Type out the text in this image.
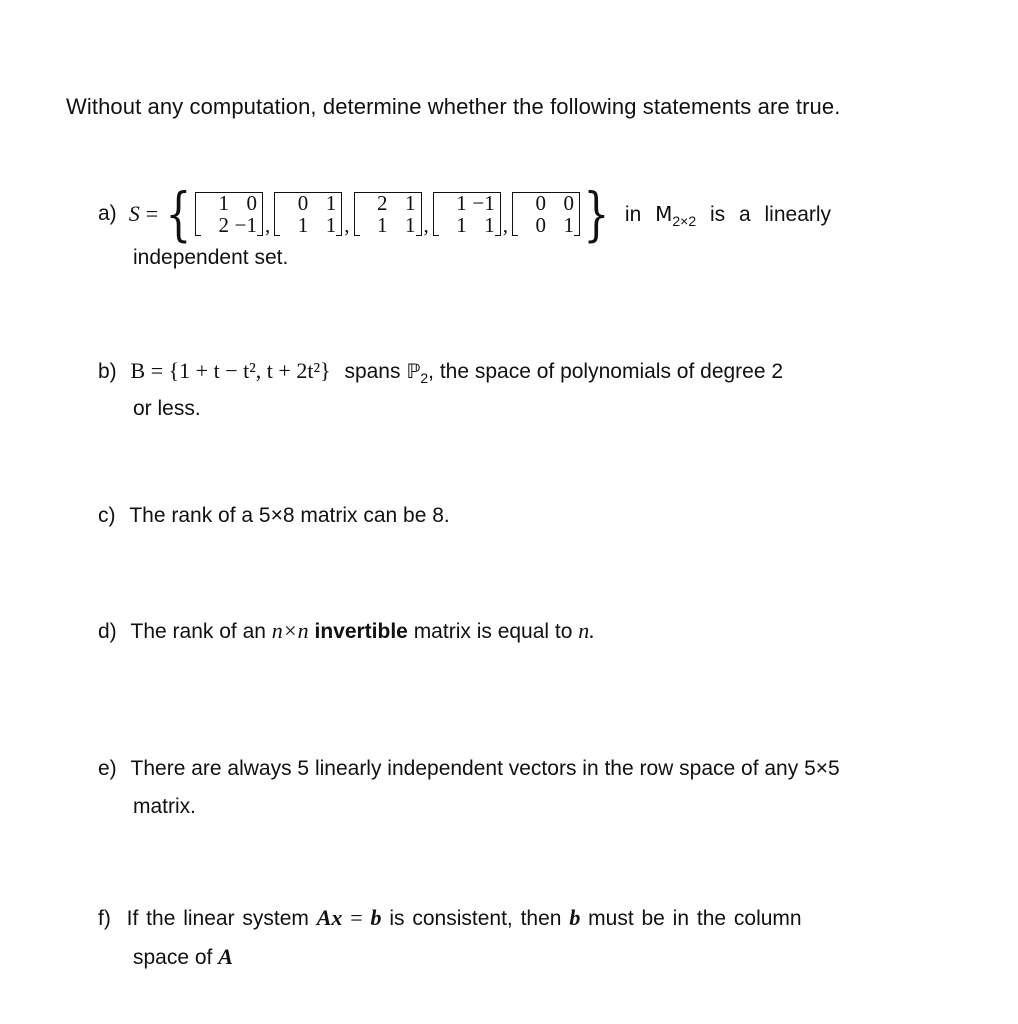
Without any computation, determine whether the following statements are true.
a) S = {	1 0
2 −1 ,
0 1
1 1 ,
2 1
1 1 ,
1 −1
1 1 ,
0 0
0 1 } in $M_{2\times 2}$ is a linearly
independent set.
b) B = {1 + t − t², t + 2t²} spans ℙ$_2$, the space of polynomials of degree 2
or less.
c) The rank of a 5×8 matrix can be 8.
d) The rank of an n×n invertible matrix is equal to n.
e) There are always 5 linearly independent vectors in the row space of any 5×5
matrix.
f) If the linear system Ax = b is consistent, then b must be in the column
space of A
